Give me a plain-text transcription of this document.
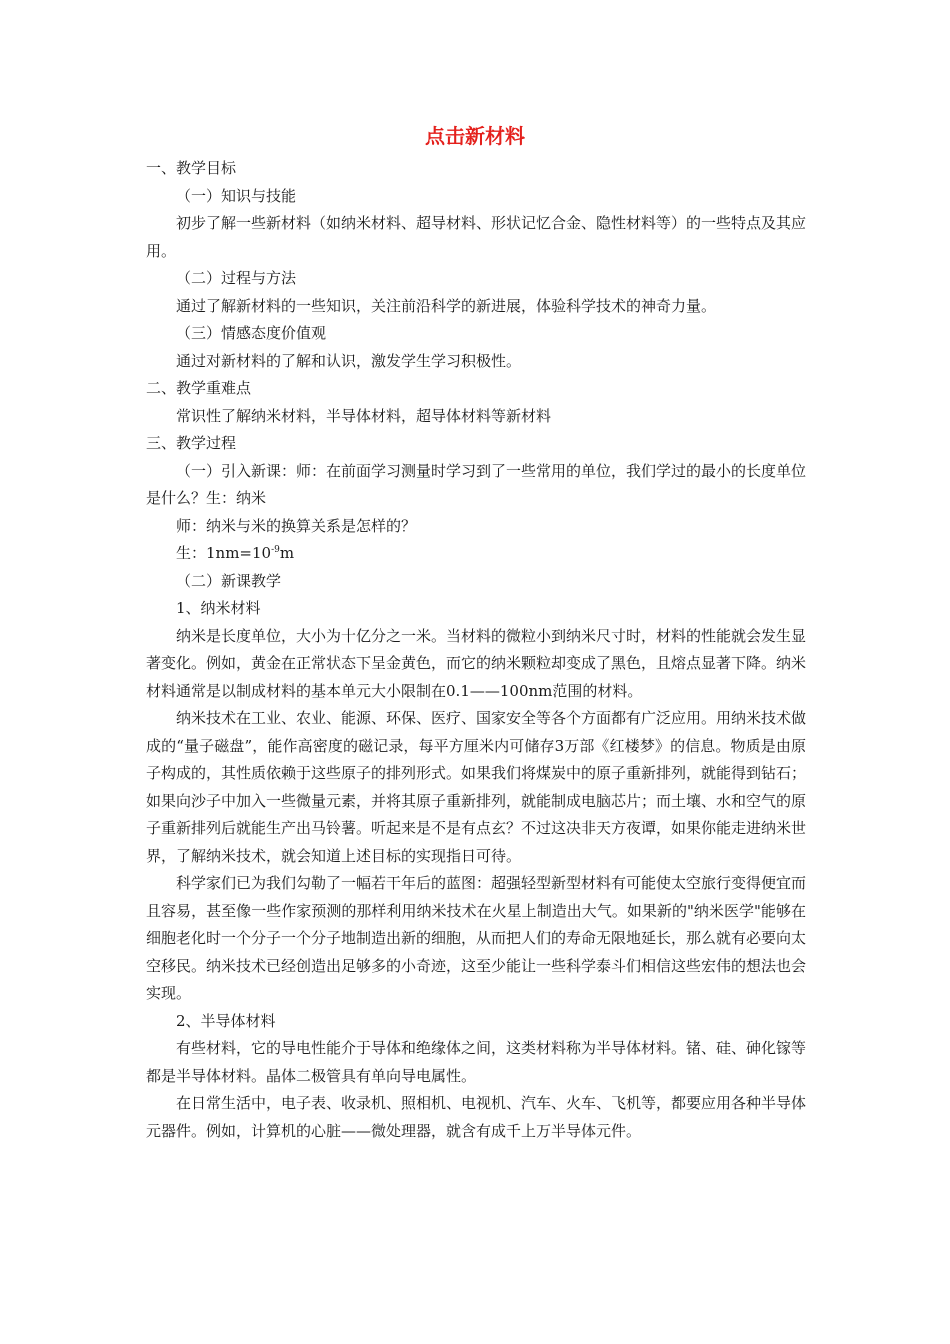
点击新材料

一、教学目标

（一）知识与技能

初步了解一些新材料（如纳米材料、超导材料、形状记忆合金、隐性材料等）的一些特点及其应用。

（二）过程与方法

通过了解新材料的一些知识，关注前沿科学的新进展，体验科学技术的神奇力量。

（三）情感态度价值观

通过对新材料的了解和认识，激发学生学习积极性。

二、教学重难点

常识性了解纳米材料，半导体材料，超导体材料等新材料

三、教学过程

（一）引入新课：师：在前面学习测量时学习到了一些常用的单位，我们学过的最小的长度单位是什么？生：纳米

师：纳米与米的换算关系是怎样的？

生：$1nm=10^{-9}m$

（二）新课教学

1、纳米材料

纳米是长度单位，大小为十亿分之一米。当材料的微粒小到纳米尺寸时，材料的性能就会发生显著变化。例如，黄金在正常状态下呈金黄色，而它的纳米颗粒却变成了黑色，且熔点显著下降。纳米材料通常是以制成材料的基本单元大小限制在0.1——100nm范围的材料。

纳米技术在工业、农业、能源、环保、医疗、国家安全等各个方面都有广泛应用。用纳米技术做成的“量子磁盘”，能作高密度的磁记录，每平方厘米内可储存3万部《红楼梦》的信息。物质是由原子构成的，其性质依赖于这些原子的排列形式。如果我们将煤炭中的原子重新排列，就能得到钻石；如果向沙子中加入一些微量元素，并将其原子重新排列，就能制成电脑芯片；而土壤、水和空气的原子重新排列后就能生产出马铃薯。听起来是不是有点玄？不过这决非天方夜谭，如果你能走进纳米世界，了解纳米技术，就会知道上述目标的实现指日可待。

科学家们已为我们勾勒了一幅若干年后的蓝图：超强轻型新型材料有可能使太空旅行变得便宜而且容易，甚至像一些作家预测的那样利用纳米技术在火星上制造出大气。如果新的"纳米医学"能够在细胞老化时一个分子一个分子地制造出新的细胞，从而把人们的寿命无限地延长，那么就有必要向太空移民。纳米技术已经创造出足够多的小奇迹，这至少能让一些科学泰斗们相信这些宏伟的想法也会实现。

2、半导体材料

有些材料，它的导电性能介于导体和绝缘体之间，这类材料称为半导体材料。锗、硅、砷化镓等都是半导体材料。晶体二极管具有单向导电属性。

在日常生活中，电子表、收录机、照相机、电视机、汽车、火车、飞机等，都要应用各种半导体元器件。例如，计算机的心脏——微处理器，就含有成千上万半导体元件。
